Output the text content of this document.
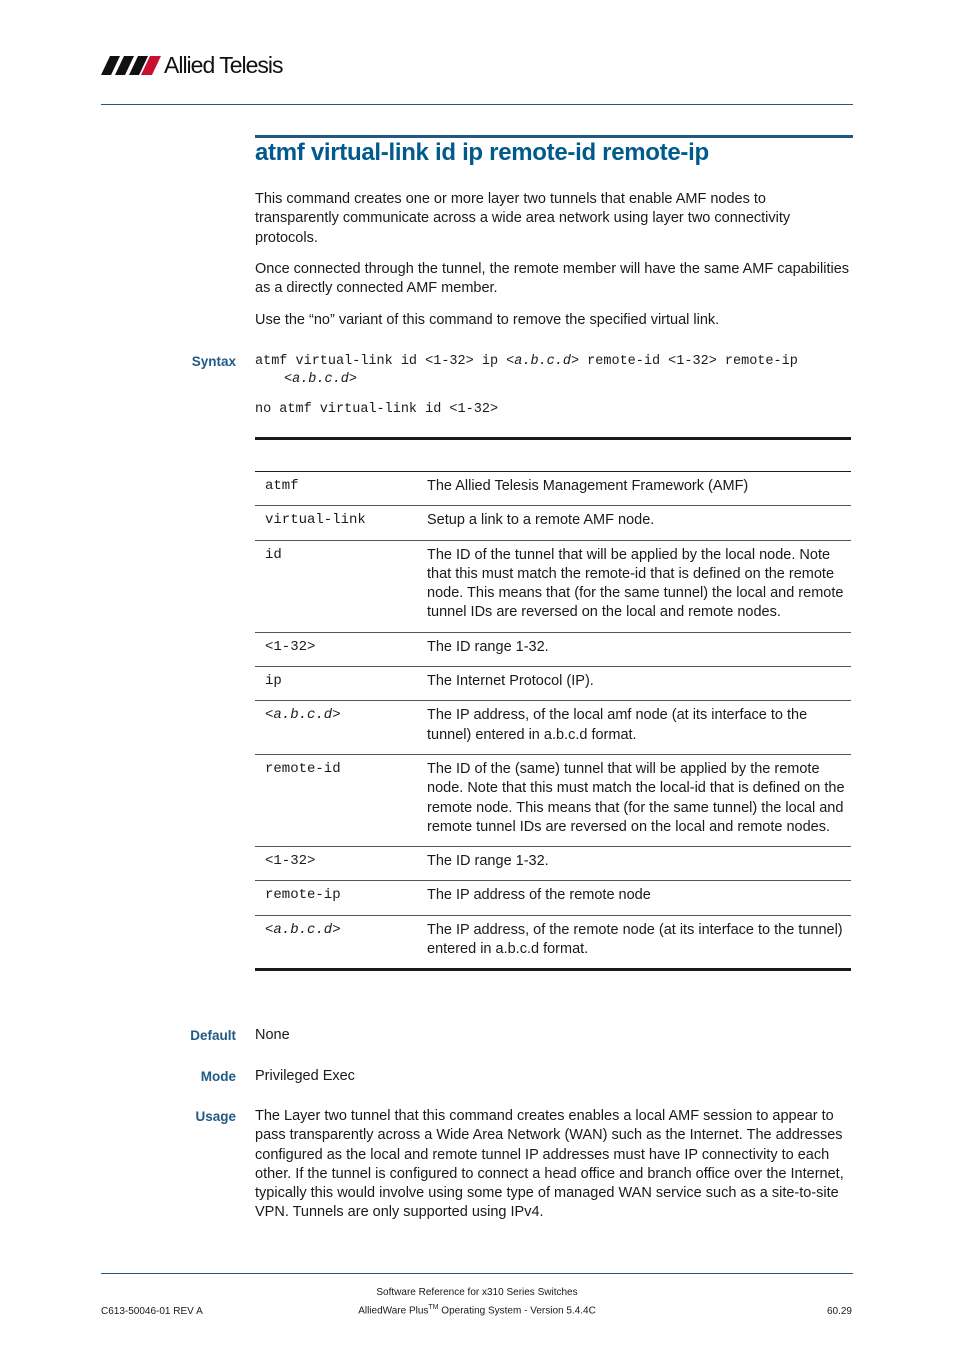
Allied Telesis
atmf virtual-link id ip remote-id remote-ip

This command creates one or more layer two tunnels that enable AMF nodes to transparently communicate across a wide area network using layer two connectivity protocols.

Once connected through the tunnel, the remote member will have the same AMF capabilities as a directly connected AMF member.

Use the “no” variant of this command to remove the specified virtual link.

Syntax atmf virtual-link id <1-32> ip <a.b.c.d> remote-id <1-32> remote-ip
<a.b.c.d>
no atmf virtual-link id <1-32>
atmf	The Allied Telesis Management Framework (AMF)
virtual-link	Setup a link to a remote AMF node.
id	The ID of the tunnel that will be applied by the local node. Note that this must match the remote-id that is defined on the remote node. This means that (for the same tunnel) the local and remote tunnel IDs are reversed on the local and remote nodes.
<1-32>	The ID range 1-32.
ip	The Internet Protocol (IP).
<a.b.c.d>	The IP address, of the local amf node (at its interface to the tunnel) entered in a.b.c.d format.
remote-id	The ID of the (same) tunnel that will be applied by the remote node. Note that this must match the local-id that is defined on the remote node. This means that (for the same tunnel) the local and remote tunnel IDs are reversed on the local and remote nodes.
<1-32>	The ID range 1-32.
remote-ip	The IP address of the remote node
<a.b.c.d>	The IP address, of the remote node (at its interface to the tunnel) entered in a.b.c.d format.
Default None

Mode Privileged Exec

Usage The Layer two tunnel that this command creates enables a local AMF session to appear to pass transparently across a Wide Area Network (WAN) such as the Internet. The addresses configured as the local and remote tunnel IP addresses must have IP connectivity to each other. If the tunnel is configured to connect a head office and branch office over the Internet, typically this would involve using some type of managed WAN service such as a site-to-site VPN. Tunnels are only supported using IPv4.

C613-50046-01 REV A
Software Reference for x310 Series Switches
AlliedWare Plus™ Operating System - Version 5.4.4C	60.29
